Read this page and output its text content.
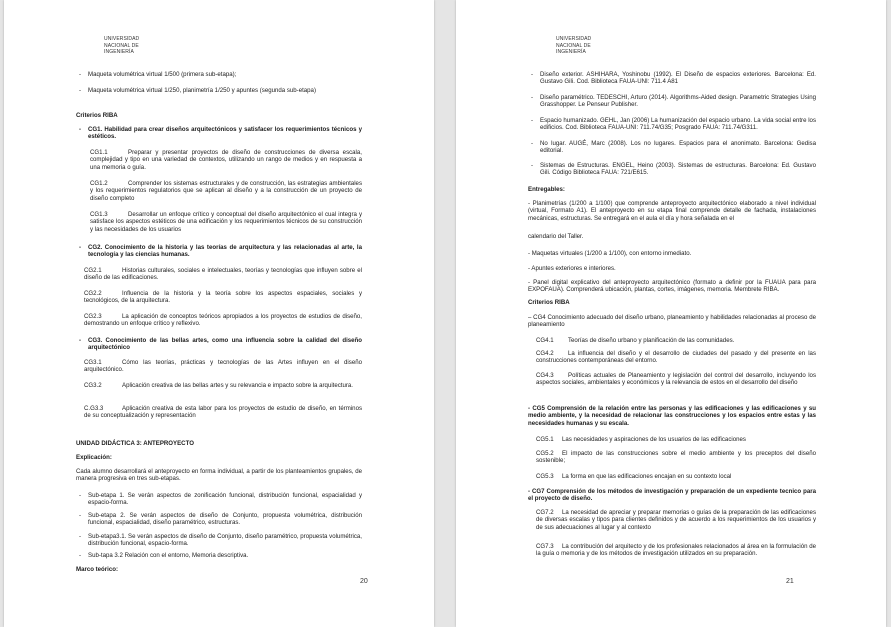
UNIVERSIDAD
NACIONAL DE
INGENIERÍA
- Maqueta volumétrica virtual 1/500 (primera sub-etapa);
- Maqueta volumétrica virtual 1/250, planimetría 1/250 y apuntes (segunda sub-etapa)
Criterios RIBA
- CG1. Habilidad para crear diseños arquitectónicos y satisfacer los requerimientos técnicos y estéticos.
CG1.1	Preparar y presentar proyectos de diseño de construcciones de diversa escala, complejidad y tipo en una variedad de contextos, utilizando un rango de medios y en respuesta a una memoria o guía.
CG1.2	Comprender los sistemas estructurales y de construcción, las estrategias ambientales y los requerimientos regulatorios que se aplican al diseño y a la construcción de un proyecto de diseño completo
CG1.3	Desarrollar un enfoque crítico y conceptual del diseño arquitectónico el cual integra y satisface los aspectos estéticos de una edificación y los requerimientos técnicos de su construcción y las necesidades de los usuarios
- CG2. Conocimiento de la historia y las teorías de arquitectura y las relacionadas al arte, la tecnología y las ciencias humanas.
CG2.1	Historias culturales, sociales e intelectuales, teorías y tecnologías que influyen sobre el diseño de las edificaciones.
CG2.2	Influencia de la historia y la teoría sobre los aspectos espaciales, sociales y tecnológicos, de la arquitectura.
CG2.3	La aplicación de conceptos teóricos apropiados a los proyectos de estudios de diseño, demostrando un enfoque crítico y reflexivo.
- CG3. Conocimiento de las bellas artes, como una influencia sobre la calidad del diseño arquitectónico
CG3.1	Cómo las teorías, prácticas y tecnologías de las Artes influyen en el diseño arquitectónico.
CG3.2	Aplicación creativa de las bellas artes y su relevancia e impacto sobre la arquitectura.
C.G3.3	Aplicación creativa de esta labor para los proyectos de estudio de diseño, en términos de su conceptualización y representación
UNIDAD DIDÁCTICA 3: ANTEPROYECTO
Explicación:
Cada alumno desarrollará el anteproyecto en forma individual, a partir de los planteamientos grupales, de manera progresiva en tres sub-etapas.
- Sub-etapa 1. Se verán aspectos de zonificación funcional, distribución funcional, espacialidad y espacio-forma.
- Sub-etapa 2. Se verán aspectos de diseño de Conjunto, propuesta volumétrica, distribución funcional, espacialidad, diseño paramétrico, estructuras.
- Sub-etapa3.1. Se verán aspectos de diseño de Conjunto, diseño paramétrico, propuesta volumétrica, distribución funcional, espacio-forma.
- Sub-tapa 3.2 Relación con el entorno, Memoria descriptiva.
Marco teórico:
20
UNIVERSIDAD
NACIONAL DE
INGENIERÍA
- Diseño exterior. ASHIHARA, Yoshinobu (1992). El Diseño de espacios exteriores. Barcelona: Ed. Gustavo Gili. Cod. Biblioteca FAUA-UNI: 711.4 A81
- Diseño paramétrico. TEDESCHI, Arturo (2014). Algorithms-Aided design. Parametric Strategies Using Grasshopper. Le Penseur Publisher.
- Espacio humanizado. GEHL, Jan (2006) La humanización del espacio urbano. La vida social entre los edificios. Cod. Biblioteca FAUA-UNI: 711.74/G35; Posgrado FAUA: 711.74/G311.
- No lugar. AUGÉ, Marc (2008). Los no lugares. Espacios para el anonimato. Barcelona: Gedisa editorial.
- Sistemas de Estructuras. ENGEL, Heino (2003). Sistemas de estructuras. Barcelona: Ed. Gustavo Gili. Código Biblioteca FAUA: 721/E615.
Entregables:
- Planimetrías (1/200 a 1/100) que comprende anteproyecto arquitectónico elaborado a nivel individual (virtual, Formato A1). El anteproyecto en su etapa final comprende detalle de fachada, instalaciones mecánicas, estructuras. Se entregará en el aula el día y hora señalada en el
calendario del Taller.
- Maquetas virtuales (1/200 a 1/100), con entorno inmediato.
- Apuntes exteriores e interiores.
- Panel digital explicativo del anteproyecto arquitectónico (formato a definir por la FUAUA para para EXPOFAUA). Comprenderá ubicación, plantas, cortes, imágenes, memoria. Membrete RIBA.
Criterios RIBA
– CG4 Conocimiento adecuado del diseño urbano, planeamiento y habilidades relacionadas al proceso de planeamiento
CG4.1 Teorías de diseño urbano y planificación de las comunidades.
CG4.2 La influencia del diseño y el desarrollo de ciudades del pasado y del presente en las construcciones contemporáneas del entorno.
CG4.3 Políticas actuales de Planeamiento y legislación del control del desarrollo, incluyendo los aspectos sociales, ambientales y económicos y la relevancia de estos en el desarrollo del diseño
- CG5 Comprensión de la relación entre las personas y las edificaciones y las edificaciones y su medio ambiente, y la necesidad de relacionar las construcciones y los espacios entre estas y las necesidades humanas y su escala.
CG5.1 Las necesidades y aspiraciones de los usuarios de las edificaciones
CG5.2 El impacto de las construcciones sobre el medio ambiente y los preceptos del diseño sostenible;
CG5.3 La forma en que las edificaciones encajan en su contexto local
- CG7 Comprensión de los métodos de investigación y preparación de un expediente tecnico para el proyecto de diseño.
CG7.2 La necesidad de apreciar y preparar memorias o guías de la preparación de las edificaciones de diversas escalas y tipos para clientes definidos y de acuerdo a los requerimientos de los usuarios y de sus adecuaciones al lugar y al contexto
CG7.3 La contribución del arquitecto y de los profesionales relacionados al área en la formulación de la guía o memoria y de los métodos de investigación utilizados en su preparación.
21
